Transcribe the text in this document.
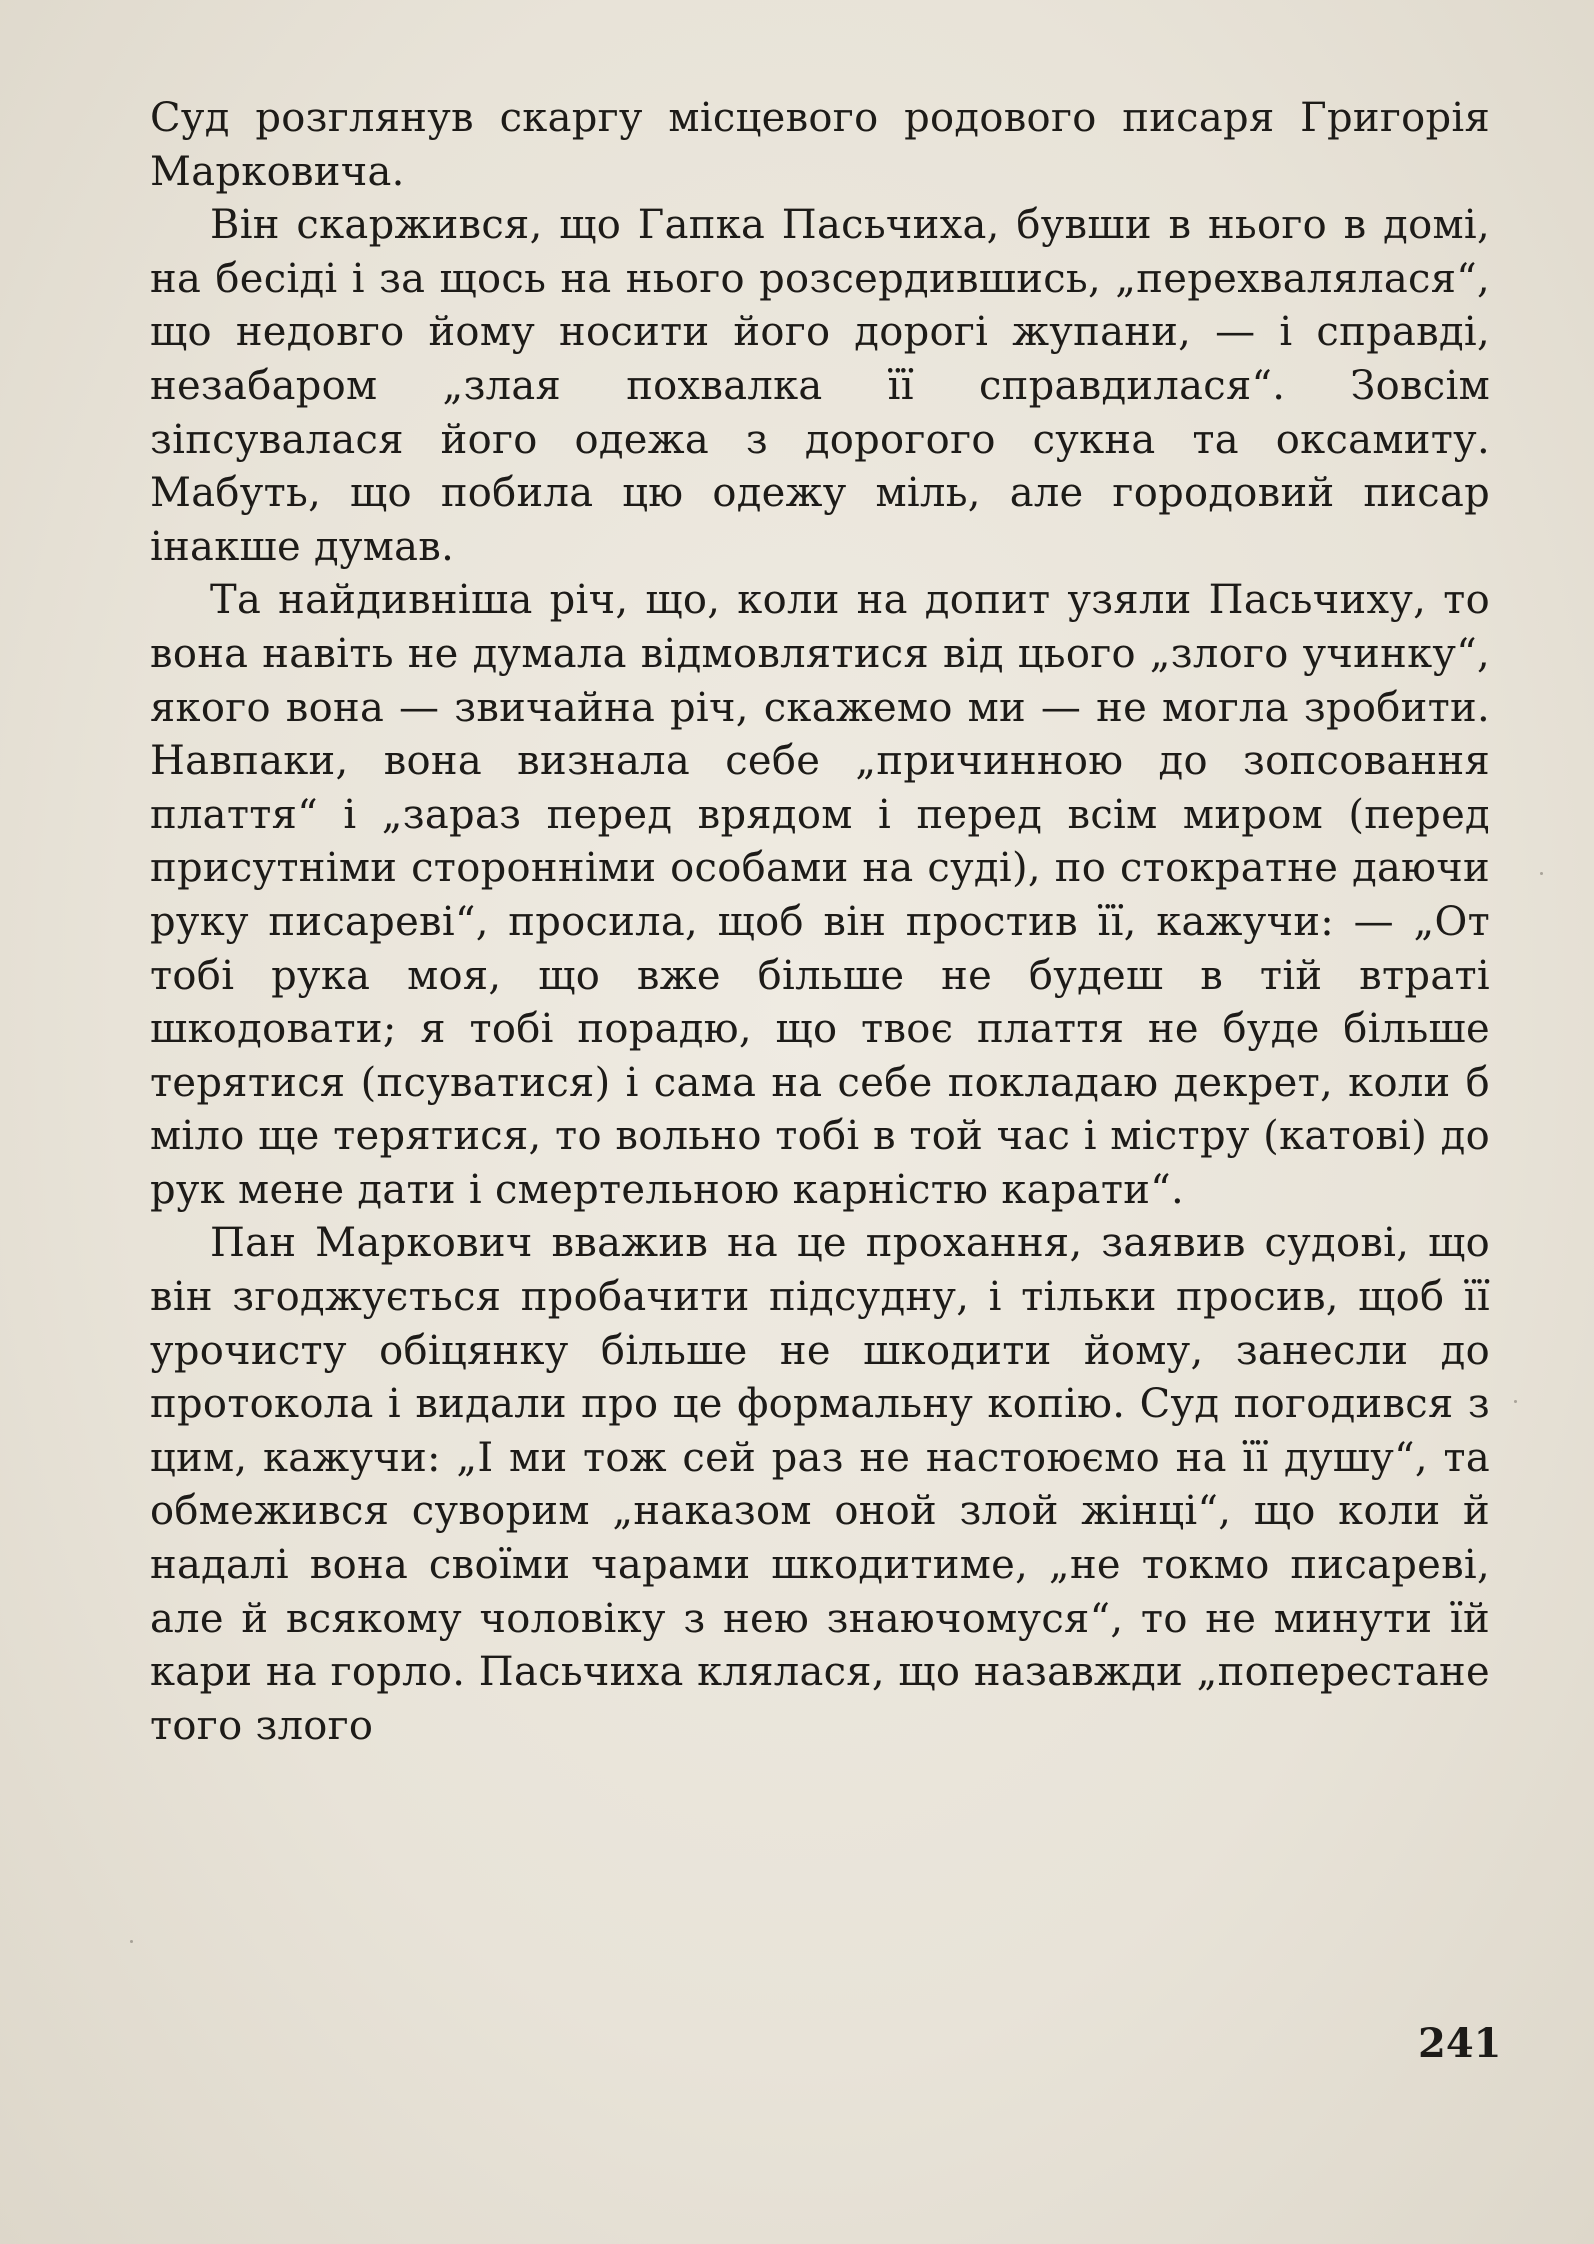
Суд розглянув скаргу місцевого родового писаря Григорія Марковича.

Він скаржився, що Гапка Пасьчиха, бувши в нього в домі, на бесіді і за щось на нього розсердившись, „перехвалялася“, що недовго йому носити його дорогі жупани, — і справді, незабаром „злая похвалка її справдилася“. Зовсім зіпсувалася його одежа з дорогого сукна та оксамиту. Мабуть, що побила цю одежу міль, але городовий писар інакше думав.

Та найдивніша річ, що, коли на допит узяли Пасьчиху, то вона навіть не думала відмовлятися від цього „злого учинку“, якого вона — звичайна річ, скажемо ми — не могла зробити. Навпаки, вона визнала себе „причинною до зопсовання плаття“ і „зараз перед врядом і перед всім миром (перед присутніми сторонніми особами на суді), по стократне даючи руку писареві“, просила, щоб він простив її, кажучи: — „От тобі рука моя, що вже більше не будеш в тій втраті шкодовати; я тобі порадю, що твоє плаття не буде більше терятися (псуватися) і сама на себе покладаю декрет, коли б міло ще терятися, то вольно тобі в той час і містру (катові) до рук мене дати і смертельною карністю карати“.

Пан Маркович вважив на це прохання, заявив судові, що він згоджується пробачити підсудну, і тільки просив, щоб її урочисту обіцянку більше не шкодити йому, занесли до протокола і видали про це формальну копію. Суд погодився з цим, кажучи: „І ми тож сей раз не настоюємо на її душу“, та обмежився суворим „наказом оной злой жінці“, що коли й надалі вона своїми чарами шкодитиме, „не токмо писареві, але й всякому чоловіку з нею знаючомуся“, то не минути їй кари на горло. Пасьчиха клялася, що назавжди „поперестане того злого

241
